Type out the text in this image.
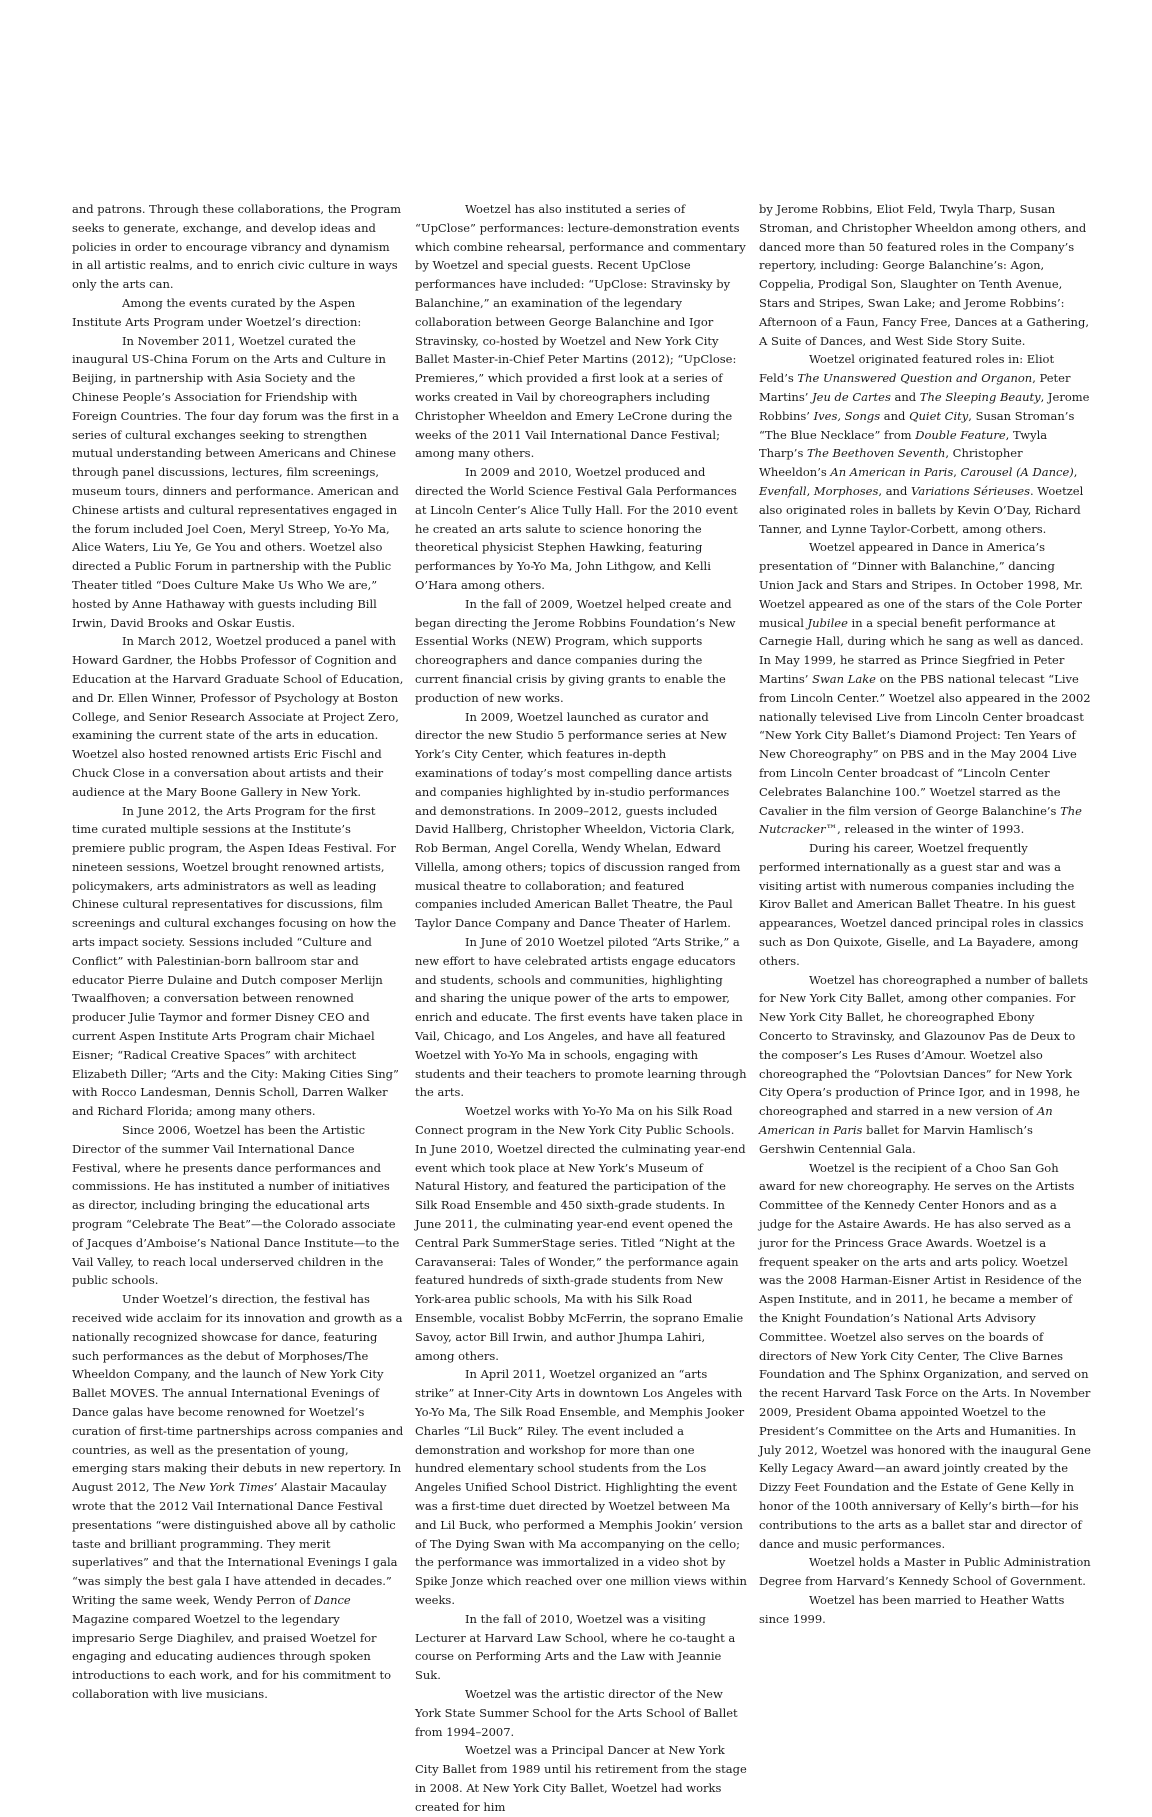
and patrons. Through these collaborations, the Program seeks to generate, exchange, and develop ideas and policies in order to encourage vibrancy and dynamism in all artistic realms, and to enrich civic culture in ways only the arts can.

Among the events curated by the Aspen Institute Arts Program under Woetzel’s direction:

In November 2011, Woetzel curated the inaugural US-China Forum on the Arts and Culture in Beijing, in partnership with Asia Society and the Chinese People’s Association for Friendship with Foreign Countries. The four day forum was the first in a series of cultural exchanges seeking to strengthen mutual understanding between Americans and Chinese through panel discussions, lectures, film screenings, museum tours, dinners and performance. American and Chinese artists and cultural representatives engaged in the forum included Joel Coen, Meryl Streep, Yo-Yo Ma, Alice Waters, Liu Ye, Ge You and others. Woetzel also directed a Public Forum in partnership with the Public Theater titled “Does Culture Make Us Who We are,” hosted by Anne Hathaway with guests including Bill Irwin, David Brooks and Oskar Eustis.

In March 2012, Woetzel produced a panel with Howard Gardner, the Hobbs Professor of Cognition and Education at the Harvard Graduate School of Education, and Dr. Ellen Winner, Professor of Psychology at Boston College, and Senior Research Associate at Project Zero, examining the current state of the arts in education. Woetzel also hosted renowned artists Eric Fischl and Chuck Close in a conversation about artists and their audience at the Mary Boone Gallery in New York.

In June 2012, the Arts Program for the first time curated multiple sessions at the Institute’s premiere public program, the Aspen Ideas Festival. For nineteen sessions, Woetzel brought renowned artists, policymakers, arts administrators as well as leading Chinese cultural representatives for discussions, film screenings and cultural exchanges focusing on how the arts impact society. Sessions included “Culture and Conflict” with Palestinian-born ballroom star and educator Pierre Dulaine and Dutch composer Merlijn Twaalfhoven; a conversation between renowned producer Julie Taymor and former Disney CEO and current Aspen Institute Arts Program chair Michael Eisner; “Radical Creative Spaces” with architect Elizabeth Diller; “Arts and the City: Making Cities Sing” with Rocco Landesman, Dennis Scholl, Darren Walker and Richard Florida; among many others.

Since 2006, Woetzel has been the Artistic Director of the summer Vail International Dance Festival, where he presents dance performances and commissions. He has instituted a number of initiatives as director, including bringing the educational arts program “Celebrate The Beat”—the Colorado associate of Jacques d’Amboise’s National Dance Institute—to the Vail Valley, to reach local underserved children in the public schools.

Under Woetzel’s direction, the festival has received wide acclaim for its innovation and growth as a nationally recognized showcase for dance, featuring such performances as the debut of Morphoses/The Wheeldon Company, and the launch of New York City Ballet MOVES. The annual International Evenings of Dance galas have become renowned for Woetzel’s curation of first-time partnerships across companies and countries, as well as the presentation of young, emerging stars making their debuts in new repertory. In August 2012, The New York Times’ Alastair Macaulay wrote that the 2012 Vail International Dance Festival presentations “were distinguished above all by catholic taste and brilliant programming. They merit superlatives” and that the International Evenings I gala “was simply the best gala I have attended in decades.” Writing the same week, Wendy Perron of Dance Magazine compared Woetzel to the legendary impresario Serge Diaghilev, and praised Woetzel for engaging and educating audiences through spoken introductions to each work, and for his commitment to collaboration with live musicians.

Woetzel has also instituted a series of “UpClose” performances: lecture-demonstration events which combine rehearsal, performance and commentary by Woetzel and special guests. Recent UpClose performances have included: “UpClose: Stravinsky by Balanchine,” an examination of the legendary collaboration between George Balanchine and Igor Stravinsky, co-hosted by Woetzel and New York City Ballet Master-in-Chief Peter Martins (2012); “UpClose: Premieres,” which provided a first look at a series of works created in Vail by choreographers including Christopher Wheeldon and Emery LeCrone during the weeks of the 2011 Vail International Dance Festival; among many others.

In 2009 and 2010, Woetzel produced and directed the World Science Festival Gala Performances at Lincoln Center’s Alice Tully Hall. For the 2010 event he created an arts salute to science honoring the theoretical physicist Stephen Hawking, featuring performances by Yo-Yo Ma, John Lithgow, and Kelli O’Hara among others.

In the fall of 2009, Woetzel helped create and began directing the Jerome Robbins Foundation’s New Essential Works (NEW) Program, which supports choreographers and dance companies during the current financial crisis by giving grants to enable the production of new works.

In 2009, Woetzel launched as curator and director the new Studio 5 performance series at New York’s City Center, which features in-depth examinations of today’s most compelling dance artists and companies highlighted by in-studio performances and demonstrations. In 2009–2012, guests included David Hallberg, Christopher Wheeldon, Victoria Clark, Rob Berman, Angel Corella, Wendy Whelan, Edward Villella, among others; topics of discussion ranged from musical theatre to collaboration; and featured companies included American Ballet Theatre, the Paul Taylor Dance Company and Dance Theater of Harlem.

In June of 2010 Woetzel piloted “Arts Strike,” a new effort to have celebrated artists engage educators and students, schools and communities, highlighting and sharing the unique power of the arts to empower, enrich and educate. The first events have taken place in Vail, Chicago, and Los Angeles, and have all featured Woetzel with Yo-Yo Ma in schools, engaging with students and their teachers to promote learning through the arts.

Woetzel works with Yo-Yo Ma on his Silk Road Connect program in the New York City Public Schools. In June 2010, Woetzel directed the culminating year-end event which took place at New York’s Museum of Natural History, and featured the participation of the Silk Road Ensemble and 450 sixth-grade students. In June 2011, the culminating year-end event opened the Central Park SummerStage series. Titled “Night at the Caravanserai: Tales of Wonder,” the performance again featured hundreds of sixth-grade students from New York-area public schools, Ma with his Silk Road Ensemble, vocalist Bobby McFerrin, the soprano Emalie Savoy, actor Bill Irwin, and author Jhumpa Lahiri, among others.

In April 2011, Woetzel organized an “arts strike” at Inner-City Arts in downtown Los Angeles with Yo-Yo Ma, The Silk Road Ensemble, and Memphis Jooker Charles “Lil Buck” Riley. The event included a demonstration and workshop for more than one hundred elementary school students from the Los Angeles Unified School District. Highlighting the event was a first-time duet directed by Woetzel between Ma and Lil Buck, who performed a Memphis Jookin’ version of The Dying Swan with Ma accompanying on the cello; the performance was immortalized in a video shot by Spike Jonze which reached over one million views within weeks.

In the fall of 2010, Woetzel was a visiting Lecturer at Harvard Law School, where he co-taught a course on Performing Arts and the Law with Jeannie Suk.

Woetzel was the artistic director of the New York State Summer School for the Arts School of Ballet from 1994–2007.

Woetzel was a Principal Dancer at New York City Ballet from 1989 until his retirement from the stage in 2008. At New York City Ballet, Woetzel had works created for him

by Jerome Robbins, Eliot Feld, Twyla Tharp, Susan Stroman, and Christopher Wheeldon among others, and danced more than 50 featured roles in the Company’s repertory, including: George Balanchine’s: Agon, Coppelia, Prodigal Son, Slaughter on Tenth Avenue, Stars and Stripes, Swan Lake; and Jerome Robbins’: Afternoon of a Faun, Fancy Free, Dances at a Gathering, A Suite of Dances, and West Side Story Suite.

Woetzel originated featured roles in: Eliot Feld’s The Unanswered Question and Organon, Peter Martins’ Jeu de Cartes and The Sleeping Beauty, Jerome Robbins’ Ives, Songs and Quiet City, Susan Stroman’s “The Blue Necklace” from Double Feature, Twyla Tharp’s The Beethoven Seventh, Christopher Wheeldon’s An American in Paris, Carousel (A Dance), Evenfall, Morphoses, and Variations Sérieuses. Woetzel also originated roles in ballets by Kevin O’Day, Richard Tanner, and Lynne Taylor-Corbett, among others.

Woetzel appeared in Dance in America’s presentation of “Dinner with Balanchine,” dancing Union Jack and Stars and Stripes. In October 1998, Mr. Woetzel appeared as one of the stars of the Cole Porter musical Jubilee in a special benefit performance at Carnegie Hall, during which he sang as well as danced. In May 1999, he starred as Prince Siegfried in Peter Martins’ Swan Lake on the PBS national telecast “Live from Lincoln Center.” Woetzel also appeared in the 2002 nationally televised Live from Lincoln Center broadcast “New York City Ballet’s Diamond Project: Ten Years of New Choreography” on PBS and in the May 2004 Live from Lincoln Center broadcast of “Lincoln Center Celebrates Balanchine 100.” Woetzel starred as the Cavalier in the film version of George Balanchine’s The Nutcracker™, released in the winter of 1993.

During his career, Woetzel frequently performed internationally as a guest star and was a visiting artist with numerous companies including the Kirov Ballet and American Ballet Theatre. In his guest appearances, Woetzel danced principal roles in classics such as Don Quixote, Giselle, and La Bayadere, among others.

Woetzel has choreographed a number of ballets for New York City Ballet, among other companies. For New York City Ballet, he choreographed Ebony Concerto to Stravinsky, and Glazounov Pas de Deux to the composer’s Les Ruses d’Amour. Woetzel also choreographed the “Polovtsian Dances” for New York City Opera’s production of Prince Igor, and in 1998, he choreographed and starred in a new version of An American in Paris ballet for Marvin Hamlisch’s Gershwin Centennial Gala.

Woetzel is the recipient of a Choo San Goh award for new choreography. He serves on the Artists Committee of the Kennedy Center Honors and as a judge for the Astaire Awards. He has also served as a juror for the Princess Grace Awards. Woetzel is a frequent speaker on the arts and arts policy. Woetzel was the 2008 Harman-Eisner Artist in Residence of the Aspen Institute, and in 2011, he became a member of the Knight Foundation’s National Arts Advisory Committee. Woetzel also serves on the boards of directors of New York City Center, The Clive Barnes Foundation and The Sphinx Organization, and served on the recent Harvard Task Force on the Arts. In November 2009, President Obama appointed Woetzel to the President’s Committee on the Arts and Humanities. In July 2012, Woetzel was honored with the inaugural Gene Kelly Legacy Award—an award jointly created by the Dizzy Feet Foundation and the Estate of Gene Kelly in honor of the 100th anniversary of Kelly’s birth—for his contributions to the arts as a ballet star and director of dance and music performances.

Woetzel holds a Master in Public Administration Degree from Harvard’s Kennedy School of Government.

Woetzel has been married to Heather Watts since 1999.
